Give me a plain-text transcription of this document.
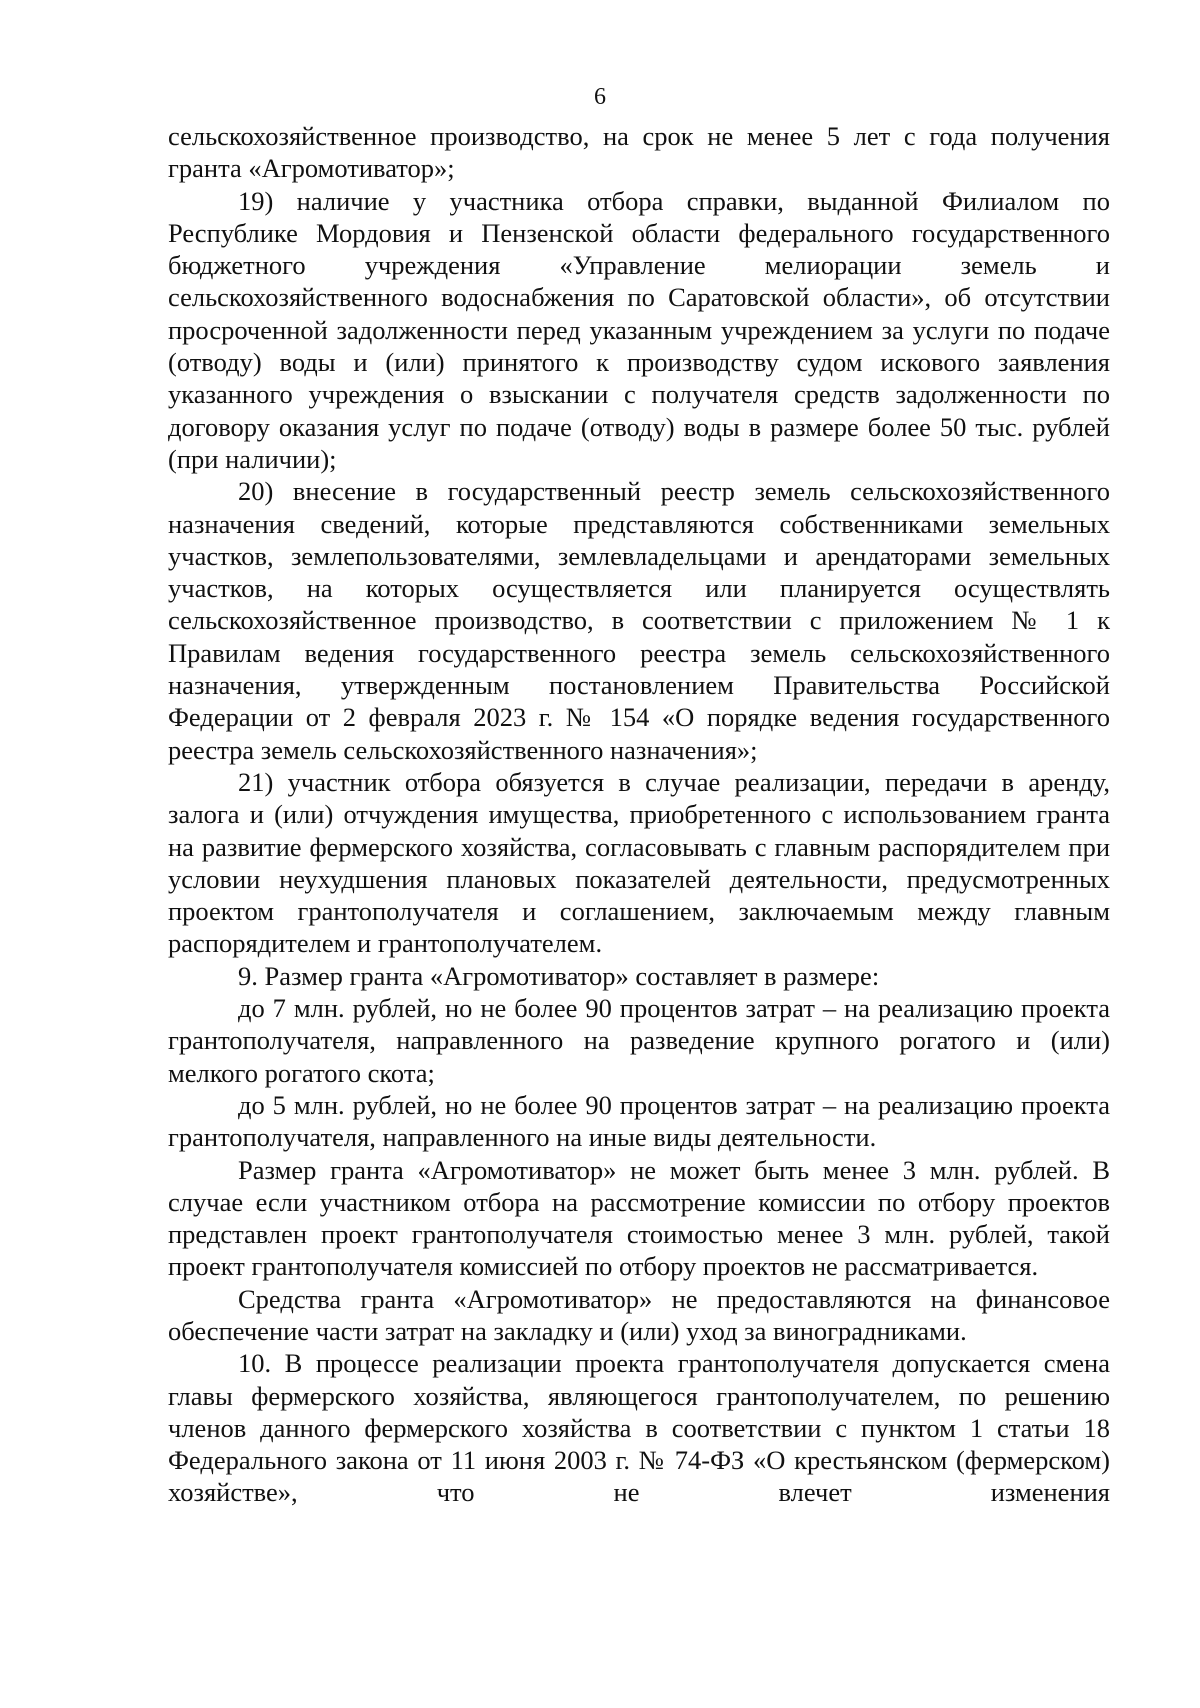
6

сельскохозяйственное производство, на срок не менее 5 лет с года получения гранта «Агромотиватор»;

19) наличие у участника отбора справки, выданной Филиалом по Республике Мордовия и Пензенской области федерального государственного бюджетного учреждения «Управление мелиорации земель и сельскохозяйственного водоснабжения по Саратовской области», об отсутствии просроченной задолженности перед указанным учреждением за услуги по подаче (отводу) воды и (или) принятого к производству судом искового заявления указанного учреждения о взыскании с получателя средств задолженности по договору оказания услуг по подаче (отводу) воды в размере более 50 тыс. рублей (при наличии);

20) внесение в государственный реестр земель сельскохозяйственного назначения сведений, которые представляются собственниками земельных участков, землепользователями, землевладельцами и арендаторами земельных участков, на которых осуществляется или планируется осуществлять сельскохозяйственное производство, в соответствии с приложением № 1 к Правилам ведения государственного реестра земель сельскохозяйственного назначения, утвержденным постановлением Правительства Российской Федерации от 2 февраля 2023 г. № 154 «О порядке ведения государственного реестра земель сельскохозяйственного назначения»;

21) участник отбора обязуется в случае реализации, передачи в аренду, залога и (или) отчуждения имущества, приобретенного с использованием гранта на развитие фермерского хозяйства, согласовывать с главным распорядителем при условии неухудшения плановых показателей деятельности, предусмотренных проектом грантополучателя и соглашением, заключаемым между главным распорядителем и грантополучателем.

9. Размер гранта «Агромотиватор» составляет в размере:

до 7 млн. рублей, но не более 90 процентов затрат – на реализацию проекта грантополучателя, направленного на разведение крупного рогатого и (или) мелкого рогатого скота;

до 5 млн. рублей, но не более 90 процентов затрат – на реализацию проекта грантополучателя, направленного на иные виды деятельности.

Размер гранта «Агромотиватор» не может быть менее 3 млн. рублей. В случае если участником отбора на рассмотрение комиссии по отбору проектов представлен проект грантополучателя стоимостью менее 3 млн. рублей, такой проект грантополучателя комиссией по отбору проектов не рассматривается.

Средства гранта «Агромотиватор» не предоставляются на финансовое обеспечение части затрат на закладку и (или) уход за виноградниками.

10. В процессе реализации проекта грантополучателя допускается смена главы фермерского хозяйства, являющегося грантополучателем, по решению членов данного фермерского хозяйства в соответствии с пунктом 1 статьи 18 Федерального закона от 11 июня 2003 г. № 74-ФЗ «О крестьянском (фермерском) хозяйстве», что не влечет изменения
